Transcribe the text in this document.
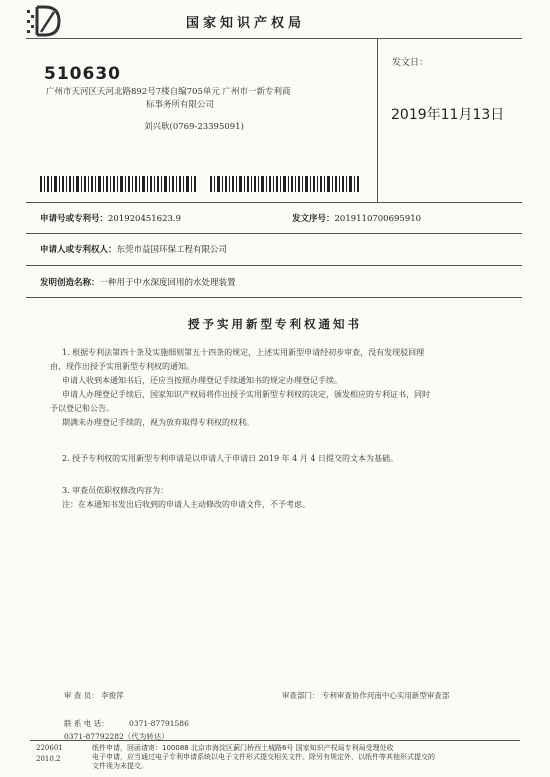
国家知识产权局
510630
广州市天河区天河北路892号7楼自编705单元 广州市一新专利商
标事务所有限公司
刘兴耿(0769-23395091)
发文日：
2019年11月13日
申请号或专利号：201920451623.9	发文序号：2019110700695910
申请人或专利权人：东莞市益国环保工程有限公司
发明创造名称：一种用于中水深度回用的水处理装置
授予实用新型专利权通知书

1. 根据专利法第四十条及实施细则第五十四条的规定，上述实用新型申请经初步审查，没有发现驳回理

由，现作出授予实用新型专利权的通知。

申请人收到本通知书后，还应当按照办理登记手续通知书的规定办理登记手续。

申请人办理登记手续后，国家知识产权局将作出授予实用新型专利权的决定，颁发相应的专利证书，同时

予以登记和公告。

期满未办理登记手续的，视为放弃取得专利权的权利。

2. 授予专利权的实用新型专利申请是以申请人于申请日 2019 年 4 月 4 日提交的文本为基础。

3. 审查员依职权修改内容为：

注：在本通知书发出后收到的申请人主动修改的申请文件，不予考虑。

审 查 员： 李俊萍	审查部门： 专利审查协作河南中心实用新型审查部
联 系 电 话：	0371-87791586
0371-87792282（代为转达）
220601
2010.2
纸件申请，回函请寄：100088 北京市海淀区蓟门桥西土城路6号 国家知识产权局专利局受理处收
电子申请，应当通过电子专利申请系统以电子文件形式提交相关文件。除另有规定外，以纸件等其他形式提交的
文件视为未提交。
